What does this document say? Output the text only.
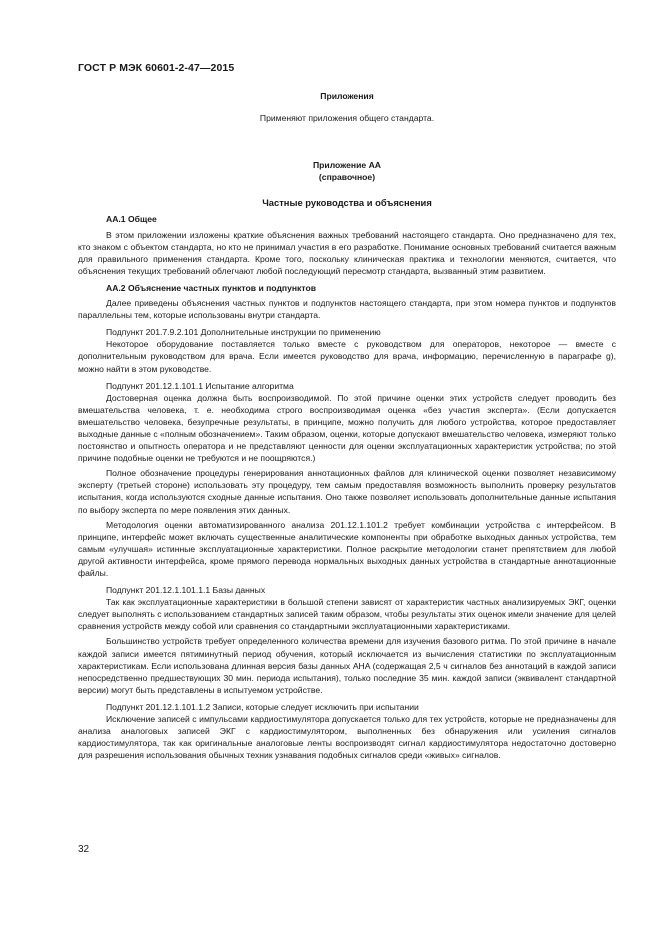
ГОСТ Р МЭК 60601-2-47—2015

Приложения

Применяют приложения общего стандарта.

Приложение AA

(справочное)

Частные руководства и объяснения

AA.1 Общее

В этом приложении изложены краткие объяснения важных требований настоящего стандарта. Оно предназначено для тех, кто знаком с объектом стандарта, но кто не принимал участия в его разработке. Понимание основных требований считается важным для правильного применения стандарта. Кроме того, поскольку клиническая практика и технологии меняются, считается, что объяснения текущих требований облегчают любой последующий пересмотр стандарта, вызванный этим развитием.

AA.2 Объяснение частных пунктов и подпунктов

Далее приведены объяснения частных пунктов и подпунктов настоящего стандарта, при этом номера пунктов и подпунктов параллельны тем, которые использованы внутри стандарта.

Подпункт 201.7.9.2.101 Дополнительные инструкции по применению

Некоторое оборудование поставляется только вместе с руководством для операторов, некоторое — вместе с дополнительным руководством для врача. Если имеется руководство для врача, информацию, перечисленную в параграфе g), можно найти в этом руководстве.

Подпункт 201.12.1.101.1 Испытание алгоритма

Достоверная оценка должна быть воспроизводимой. По этой причине оценки этих устройств следует проводить без вмешательства человека, т. е. необходима строго воспроизводимая оценка «без участия эксперта». (Если допускается вмешательство человека, безупречные результаты, в принципе, можно получить для любого устройства, которое предоставляет выходные данные с «полным обозначением». Таким образом, оценки, которые допускают вмешательство человека, измеряют только постоянство и опытность оператора и не представляют ценности для оценки эксплуатационных характеристик устройства; по этой причине подобные оценки не требуются и не поощряются.)

Полное обозначение процедуры генерирования аннотационных файлов для клинической оценки позволяет независимому эксперту (третьей стороне) использовать эту процедуру, тем самым предоставляя возможность выполнить проверку результатов испытания, когда используются сходные данные испытания. Оно также позволяет использовать дополнительные данные испытания по выбору эксперта по мере появления этих данных.

Методология оценки автоматизированного анализа 201.12.1.101.2 требует комбинации устройства с интерфейсом. В принципе, интерфейс может включать существенные аналитические компоненты при обработке выходных данных устройства, тем самым «улучшая» истинные эксплуатационные характеристики. Полное раскрытие методологии станет препятствием для любой другой активности интерфейса, кроме прямого перевода нормальных выходных данных устройства в стандартные аннотационные файлы.

Подпункт 201.12.1.101.1.1 Базы данных

Так как эксплуатационные характеристики в большой степени зависят от характеристик частных анализируемых ЭКГ, оценки следует выполнять с использованием стандартных записей таким образом, чтобы результаты этих оценок имели значение для целей сравнения устройств между собой или сравнения со стандартными эксплуатационными характеристиками.

Большинство устройств требует определенного количества времени для изучения базового ритма. По этой причине в начале каждой записи имеется пятиминутный период обучения, который исключается из вычисления статистики по эксплуатационным характеристикам. Если использована длинная версия базы данных AHA (содержащая 2,5 ч сигналов без аннотаций в каждой записи непосредственно предшествующих 30 мин. периода испытания), только последние 35 мин. каждой записи (эквивалент стандартной версии) могут быть представлены в испытуемом устройстве.

Подпункт 201.12.1.101.1.2 Записи, которые следует исключить при испытании

Исключение записей с импульсами кардиостимулятора допускается только для тех устройств, которые не предназначены для анализа аналоговых записей ЭКГ с кардиостимулятором, выполненных без обнаружения или усиления сигналов кардиостимулятора, так как оригинальные аналоговые ленты воспроизводят сигнал кардиостимулятора недостаточно достоверно для разрешения использования обычных техник узнавания подобных сигналов среди «живых» сигналов.

32
